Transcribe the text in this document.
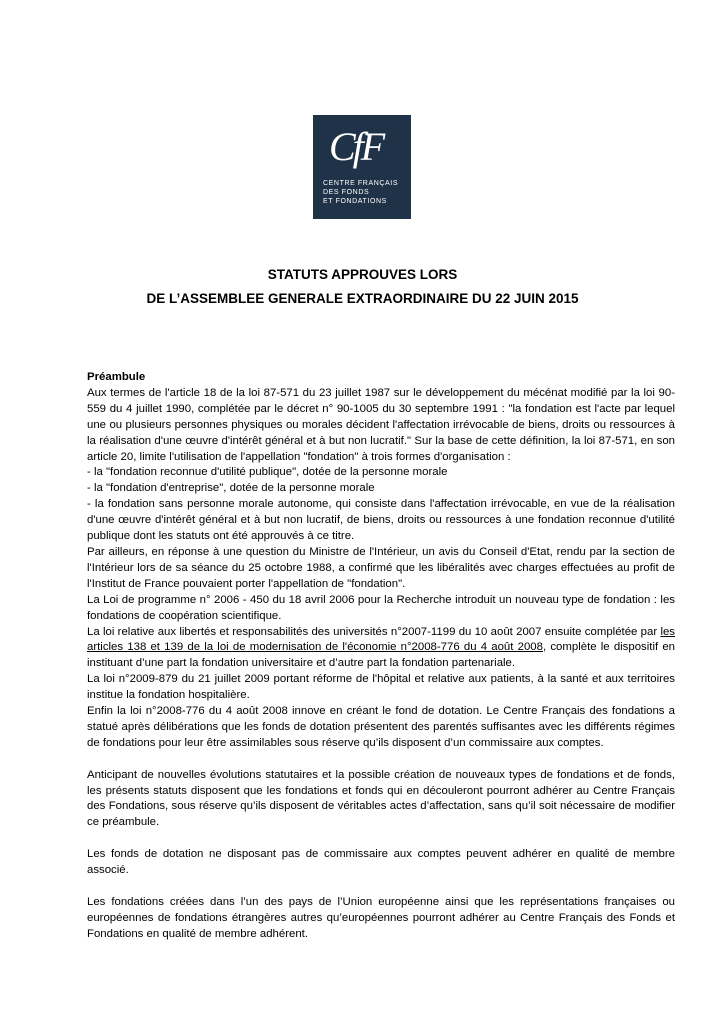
CfF
CENTRE FRANÇAIS
DES FONDS
ET FONDATIONS
STATUTS APPROUVES LORS
DE L’ASSEMBLEE GENERALE EXTRAORDINAIRE DU 22 JUIN 2015

Préambule

Aux termes de l'article 18 de la loi 87-571 du 23 juillet 1987 sur le développement du mécénat modifié par la loi 90-559 du 4 juillet 1990, complétée par le décret n° 90-1005 du 30 septembre 1991 : "la fondation est l'acte par lequel une ou plusieurs personnes physiques ou morales décident l'affectation irrévocable de biens, droits ou ressources à la réalisation d'une œuvre d'intérêt général et à but non lucratif." Sur la base de cette définition, la loi 87-571, en son article 20, limite l'utilisation de l'appellation "fondation" à trois formes d'organisation :

- la "fondation reconnue d'utilité publique", dotée de la personne morale

- la "fondation d'entreprise", dotée de la personne morale

- la fondation sans personne morale autonome, qui consiste dans l'affectation irrévocable, en vue de la réalisation d'une œuvre d'intérêt général et à but non lucratif, de biens, droits ou ressources à une fondation reconnue d'utilité publique dont les statuts ont été approuvés à ce titre.

Par ailleurs, en réponse à une question du Ministre de l'Intérieur, un avis du Conseil d'Etat, rendu par la section de l'Intérieur lors de sa séance du 25 octobre 1988, a confirmé que les libéralités avec charges effectuées au profit de l'Institut de France pouvaient porter l'appellation de "fondation".

La Loi de programme n° 2006 - 450 du 18 avril 2006 pour la Recherche introduit un nouveau type de fondation : les fondations de coopération scientifique.

La loi relative aux libertés et responsabilités des universités n°2007-1199 du 10 août 2007 ensuite complétée par les articles 138 et 139 de la loi de modernisation de l'économie n°2008-776 du 4 août 2008, complète le dispositif en instituant d’une part la fondation universitaire et d’autre part la fondation partenariale.

La loi n°2009-879 du 21 juillet 2009 portant réforme de l'hôpital et relative aux patients, à la santé et aux territoires institue la fondation hospitalière.

Enfin la loi n°2008-776 du 4 août 2008 innove en créant le fond de dotation. Le Centre Français des fondations a statué après délibérations que les fonds de dotation présentent des parentés suffisantes avec les différents régimes de fondations pour leur être assimilables sous réserve qu’ils disposent d’un commissaire aux comptes.

Anticipant de nouvelles évolutions statutaires et la possible création de nouveaux types de fondations et de fonds, les présents statuts disposent que les fondations et fonds qui en découleront pourront adhérer au Centre Français des Fondations, sous réserve qu’ils disposent de véritables actes d’affectation, sans qu’il soit nécessaire de modifier ce préambule.

Les fonds de dotation ne disposant pas de commissaire aux comptes peuvent adhérer en qualité de membre associé.

Les fondations créées dans l’un des pays de l’Union européenne ainsi que les représentations françaises ou européennes de fondations étrangères autres qu’européennes pourront adhérer au Centre Français des Fonds et Fondations en qualité de membre adhérent.
